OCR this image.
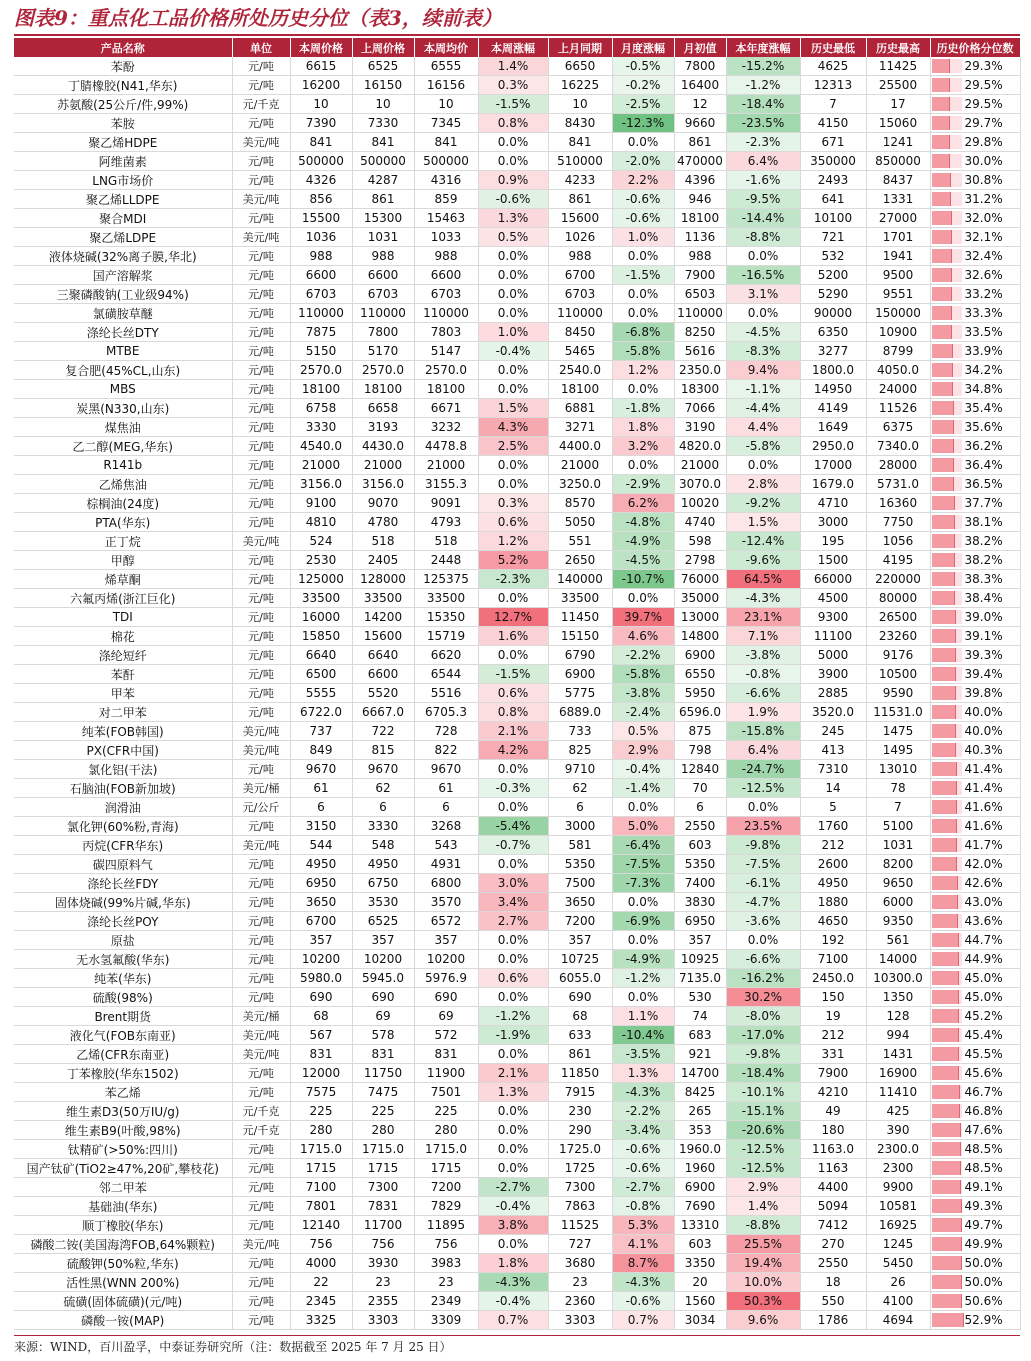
图表9：重点化工品价格所处历史分位（表3，续前表）
产品名称	单位	本周价格	上周价格	本周均价	本周涨幅	上月同期	月度涨幅	月初值	本年度涨幅	历史最低	历史最高	历史价格分位数
苯酚	元/吨	6615	6525	6555	1.4%	6650	-0.5%	7800	-15.2%	4625	11425	29.3%
丁腈橡胶(N41,华东)	元/吨	16200	16150	16156	0.3%	16225	-0.2%	16400	-1.2%	12313	25500	29.5%
苏氨酸(25公斤/件,99%)	元/千克	10	10	10	-1.5%	10	-2.5%	12	-18.4%	7	17	29.5%
苯胺	元/吨	7390	7330	7345	0.8%	8430	-12.3%	9660	-23.5%	4150	15060	29.7%
聚乙烯HDPE	美元/吨	841	841	841	0.0%	841	0.0%	861	-2.3%	671	1241	29.8%
阿维菌素	元/吨	500000	500000	500000	0.0%	510000	-2.0%	470000	6.4%	350000	850000	30.0%
LNG市场价	元/吨	4326	4287	4316	0.9%	4233	2.2%	4396	-1.6%	2493	8437	30.8%
聚乙烯LLDPE	美元/吨	856	861	859	-0.6%	861	-0.6%	946	-9.5%	641	1331	31.2%
聚合MDI	元/吨	15500	15300	15463	1.3%	15600	-0.6%	18100	-14.4%	10100	27000	32.0%
聚乙烯LDPE	美元/吨	1036	1031	1033	0.5%	1026	1.0%	1136	-8.8%	721	1701	32.1%
液体烧碱(32%离子膜,华北)	元/吨	988	988	988	0.0%	988	0.0%	988	0.0%	532	1941	32.4%
国产溶解浆	元/吨	6600	6600	6600	0.0%	6700	-1.5%	7900	-16.5%	5200	9500	32.6%
三聚磷酸钠(工业级94%)	元/吨	6703	6703	6703	0.0%	6703	0.0%	6503	3.1%	5290	9551	33.2%
氯磺胺草醚	元/吨	110000	110000	110000	0.0%	110000	0.0%	110000	0.0%	90000	150000	33.3%
涤纶长丝DTY	元/吨	7875	7800	7803	1.0%	8450	-6.8%	8250	-4.5%	6350	10900	33.5%
MTBE	元/吨	5150	5170	5147	-0.4%	5465	-5.8%	5616	-8.3%	3277	8799	33.9%
复合肥(45%CL,山东)	元/吨	2570.0	2570.0	2570.0	0.0%	2540.0	1.2%	2350.0	9.4%	1800.0	4050.0	34.2%
MBS	元/吨	18100	18100	18100	0.0%	18100	0.0%	18300	-1.1%	14950	24000	34.8%
炭黑(N330,山东)	元/吨	6758	6658	6671	1.5%	6881	-1.8%	7066	-4.4%	4149	11526	35.4%
煤焦油	元/吨	3330	3193	3232	4.3%	3271	1.8%	3190	4.4%	1649	6375	35.6%
乙二醇(MEG,华东)	元/吨	4540.0	4430.0	4478.8	2.5%	4400.0	3.2%	4820.0	-5.8%	2950.0	7340.0	36.2%
R141b	元/吨	21000	21000	21000	0.0%	21000	0.0%	21000	0.0%	17000	28000	36.4%
乙烯焦油	元/吨	3156.0	3156.0	3155.3	0.0%	3250.0	-2.9%	3070.0	2.8%	1679.0	5731.0	36.5%
棕榈油(24度)	元/吨	9100	9070	9091	0.3%	8570	6.2%	10020	-9.2%	4710	16360	37.7%
PTA(华东)	元/吨	4810	4780	4793	0.6%	5050	-4.8%	4740	1.5%	3000	7750	38.1%
正丁烷	美元/吨	524	518	518	1.2%	551	-4.9%	598	-12.4%	195	1056	38.2%
甲醇	元/吨	2530	2405	2448	5.2%	2650	-4.5%	2798	-9.6%	1500	4195	38.2%
烯草酮	元/吨	125000	128000	125375	-2.3%	140000	-10.7%	76000	64.5%	66000	220000	38.3%
六氟丙烯(浙江巨化)	元/吨	33500	33500	33500	0.0%	33500	0.0%	35000	-4.3%	4500	80000	38.4%
TDI	元/吨	16000	14200	15350	12.7%	11450	39.7%	13000	23.1%	9300	26500	39.0%
棉花	元/吨	15850	15600	15719	1.6%	15150	4.6%	14800	7.1%	11100	23260	39.1%
涤纶短纤	元/吨	6640	6640	6620	0.0%	6790	-2.2%	6900	-3.8%	5000	9176	39.3%
苯酐	元/吨	6500	6600	6544	-1.5%	6900	-5.8%	6550	-0.8%	3900	10500	39.4%
甲苯	元/吨	5555	5520	5516	0.6%	5775	-3.8%	5950	-6.6%	2885	9590	39.8%
对二甲苯	元/吨	6722.0	6667.0	6705.3	0.8%	6889.0	-2.4%	6596.0	1.9%	3520.0	11531.0	40.0%
纯苯(FOB韩国)	美元/吨	737	722	728	2.1%	733	0.5%	875	-15.8%	245	1475	40.0%
PX(CFR中国)	美元/吨	849	815	822	4.2%	825	2.9%	798	6.4%	413	1495	40.3%
氯化铝(干法)	元/吨	9670	9670	9670	0.0%	9710	-0.4%	12840	-24.7%	7310	13010	41.4%
石脑油(FOB新加坡)	美元/桶	61	62	61	-0.3%	62	-1.4%	70	-12.5%	14	78	41.4%
润滑油	元/公斤	6	6	6	0.0%	6	0.0%	6	0.0%	5	7	41.6%
氯化钾(60%粉,青海)	元/吨	3150	3330	3268	-5.4%	3000	5.0%	2550	23.5%	1760	5100	41.6%
丙烷(CFR华东)	美元/吨	544	548	543	-0.7%	581	-6.4%	603	-9.8%	212	1031	41.7%
碳四原料气	元/吨	4950	4950	4931	0.0%	5350	-7.5%	5350	-7.5%	2600	8200	42.0%
涤纶长丝FDY	元/吨	6950	6750	6800	3.0%	7500	-7.3%	7400	-6.1%	4950	9650	42.6%
固体烧碱(99%片碱,华东)	元/吨	3650	3530	3570	3.4%	3650	0.0%	3830	-4.7%	1880	6000	43.0%
涤纶长丝POY	元/吨	6700	6525	6572	2.7%	7200	-6.9%	6950	-3.6%	4650	9350	43.6%
原盐	元/吨	357	357	357	0.0%	357	0.0%	357	0.0%	192	561	44.7%
无水氢氟酸(华东)	元/吨	10200	10200	10200	0.0%	10725	-4.9%	10925	-6.6%	7100	14000	44.9%
纯苯(华东)	元/吨	5980.0	5945.0	5976.9	0.6%	6055.0	-1.2%	7135.0	-16.2%	2450.0	10300.0	45.0%
硫酸(98%)	元/吨	690	690	690	0.0%	690	0.0%	530	30.2%	150	1350	45.0%
Brent期货	美元/桶	68	69	69	-1.2%	68	1.1%	74	-8.0%	19	128	45.2%
液化气(FOB东南亚)	美元/吨	567	578	572	-1.9%	633	-10.4%	683	-17.0%	212	994	45.4%
乙烯(CFR东南亚)	美元/吨	831	831	831	0.0%	861	-3.5%	921	-9.8%	331	1431	45.5%
丁苯橡胶(华东1502)	元/吨	12000	11750	11900	2.1%	11850	1.3%	14700	-18.4%	7900	16900	45.6%
苯乙烯	元/吨	7575	7475	7501	1.3%	7915	-4.3%	8425	-10.1%	4210	11410	46.7%
维生素D3(50万IU/g)	元/千克	225	225	225	0.0%	230	-2.2%	265	-15.1%	49	425	46.8%
维生素B9(叶酸,98%)	元/千克	280	280	280	0.0%	290	-3.4%	353	-20.6%	180	390	47.6%
钛精矿(>50%:四川)	元/吨	1715.0	1715.0	1715.0	0.0%	1725.0	-0.6%	1960.0	-12.5%	1163.0	2300.0	48.5%
国产钛矿(TiO2≥47%,20矿,攀枝花)	元/吨	1715	1715	1715	0.0%	1725	-0.6%	1960	-12.5%	1163	2300	48.5%
邻二甲苯	元/吨	7100	7300	7200	-2.7%	7300	-2.7%	6900	2.9%	4400	9900	49.1%
基础油(华东)	元/吨	7801	7831	7829	-0.4%	7863	-0.8%	7690	1.4%	5094	10581	49.3%
顺丁橡胶(华东)	元/吨	12140	11700	11895	3.8%	11525	5.3%	13310	-8.8%	7412	16925	49.7%
磷酸二铵(美国海湾FOB,64%颗粒)	美元/吨	756	756	756	0.0%	727	4.1%	603	25.5%	270	1245	49.9%
硫酸钾(50%粒,华东)	元/吨	4000	3930	3983	1.8%	3680	8.7%	3350	19.4%	2550	5450	50.0%
活性黑(WNN 200%)	元/吨	22	23	23	-4.3%	23	-4.3%	20	10.0%	18	26	50.0%
硫磺(固体硫磺)(元/吨)	元/吨	2345	2355	2349	-0.4%	2360	-0.6%	1560	50.3%	550	4100	50.6%
磷酸一铵(MAP)	元/吨	3325	3303	3309	0.7%	3303	0.7%	3034	9.6%	1786	4694	52.9%
来源：WIND，百川盈孚，中泰证券研究所（注：数据截至 2025 年 7 月 25 日）
